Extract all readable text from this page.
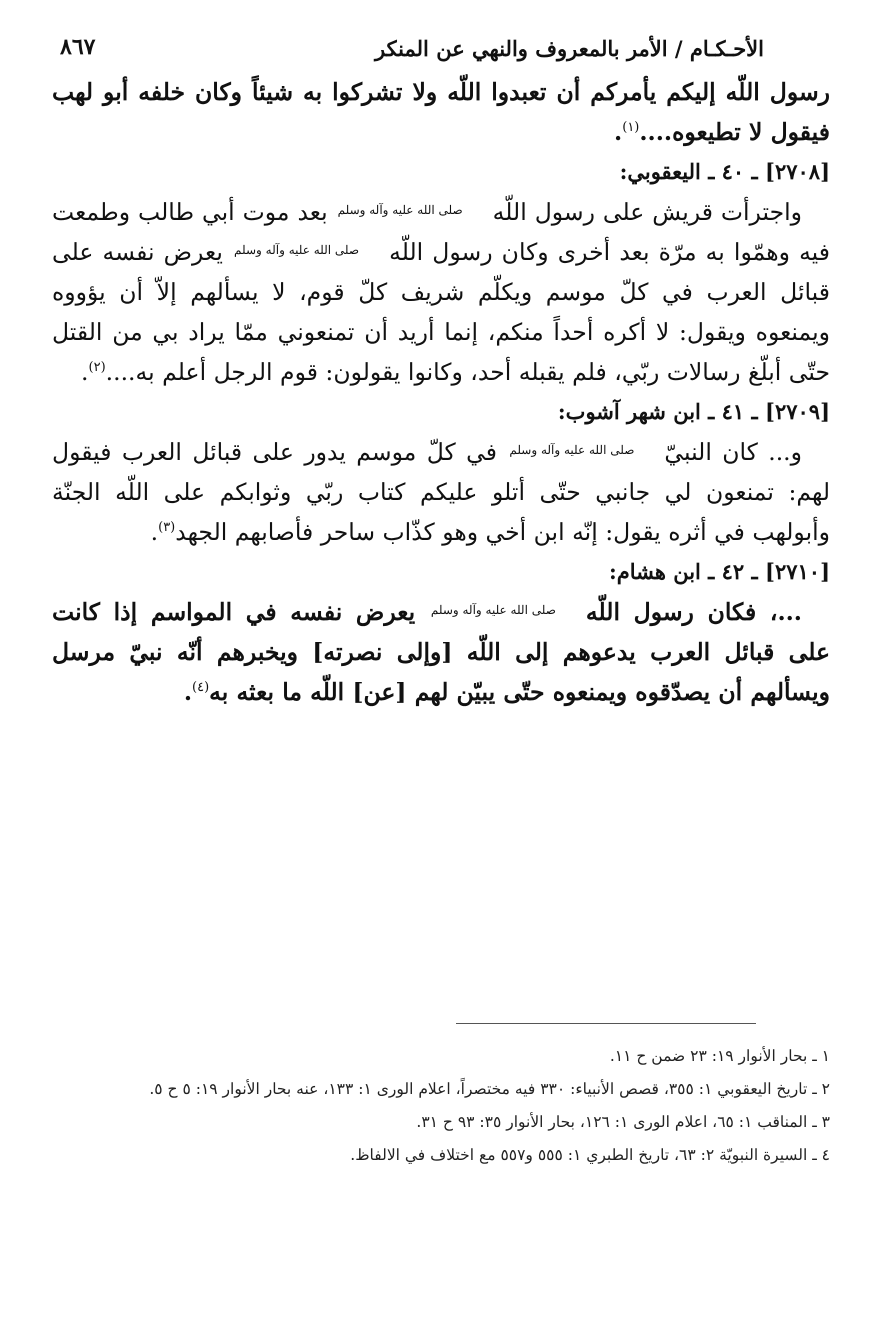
الأحـكـام / الأمر بالمعروف والنهي عن المنكر
٨٦٧

رسول اللّه إليكم يأمركم أن تعبدوا اللّه ولا تشركوا به شيئاً وكان خلفه أبو لهب فيقول لا تطيعوه....$^{(١)}$.

[٢٧٠٨] ـ ٤٠ ـ اليعقوبي:

واجترأت قريش على رسول اللّهصلى الله عليه وآله وسلم بعد موت أبي طالب وطمعت فيه وهمّوا به مرّة بعد أخرى وكان رسول اللّهصلى الله عليه وآله وسلم يعرض نفسه على قبائل العرب في كلّ موسم ويكلّم شريف كلّ قوم، لا يسألهم إلاّ أن يؤووه ويمنعوه ويقول: لا أكره أحداً منكم، إنما أريد أن تمنعوني ممّا يراد بي من القتل حتّى أبلّغ رسالات ربّي، فلم يقبله أحد، وكانوا يقولون: قوم الرجل أعلم به....$^{(٢)}$.

[٢٧٠٩] ـ ٤١ ـ ابن شهر آشوب:

و... كان النبيّصلى الله عليه وآله وسلم في كلّ موسم يدور على قبائل العرب فيقول لهم: تمنعون لي جانبي حتّى أتلو عليكم كتاب ربّي وثوابكم على اللّه الجنّة وأبولهب في أثره يقول: إنّه ابن أخي وهو كذّاب ساحر فأصابهم الجهد$^{(٣)}$.

[٢٧١٠] ـ ٤٢ ـ ابن هشام:

...، فكان رسول اللّهصلى الله عليه وآله وسلم يعرض نفسه في المواسم إذا كانت على قبائل العرب يدعوهم إلى اللّه [وإلى نصرته] ويخبرهم أنّه نبيّ مرسل ويسألهم أن يصدّقوه ويمنعوه حتّى يبيّن لهم [عن] اللّه ما بعثه به$^{(٤)}$.

١ ـ بحار الأنوار ١٩: ٢٣ ضمن ح ١١.

٢ ـ تاريخ اليعقوبي ١: ٣٥٥، قصص الأنبياء: ٣٣٠ فيه مختصراً، اعلام الورى ١: ١٣٣، عنه بحار الأنوار ١٩: ٥ ح ٥.

٣ ـ المناقب ١: ٦٥، اعلام الورى ١: ١٢٦، بحار الأنوار ٣٥: ٩٣ ح ٣١.

٤ ـ السيرة النبويّة ٢: ٦٣، تاريخ الطبري ١: ٥٥٥ و٥٥٧ مع اختلاف في الالفاظ.
